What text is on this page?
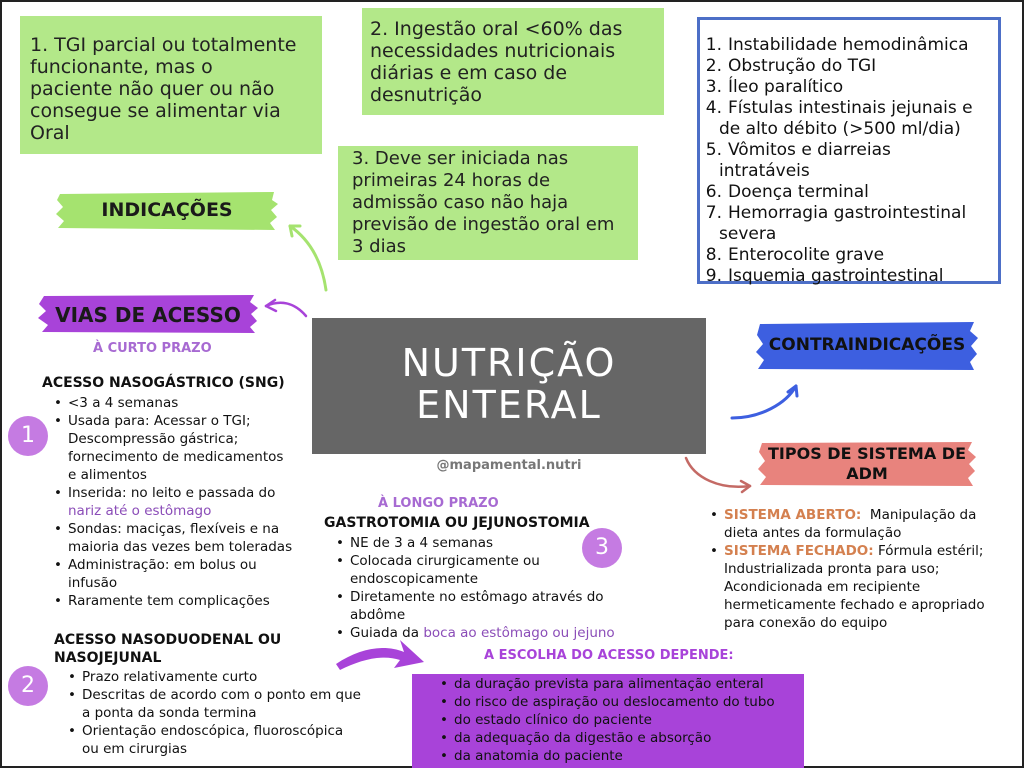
1. TGI parcial ou totalmente
funcionante, mas o
paciente não quer ou não
consegue se alimentar via
Oral
2. Ingestão oral <60% das
necessidades nutricionais
diárias e em caso de
desnutrição
3. Deve ser iniciada nas
primeiras 24 horas de
admissão caso não haja
previsão de ingestão oral em
3 dias
1. Instabilidade hemodinâmica
2. Obstrução do TGI
3. Íleo paralítico
4. Fístulas intestinais jejunais e
de alto débito (>500 ml/dia)
5. Vômitos e diarreias
intratáveis
6. Doença terminal
7. Hemorragia gastrointestinal
severa
8. Enterocolite grave
9. Isquemia gastrointestinal
INDICAÇÕES
VIAS DE ACESSO
CONTRAINDICAÇÕES
TIPOS DE SISTEMA DE
ADM
NUTRIÇÃO
ENTERAL
@mapamental.nutri
À CURTO PRAZO
ACESSO NASOGÁSTRICO (SNG)
• <3 a 4 semanas
• Usada para: Acessar o TGI;
Descompressão gástrica;
fornecimento de medicamentos
e alimentos
• Inserida: no leito e passada do
nariz até o estômago
• Sondas: maciças, flexíveis e na
maioria das vezes bem toleradas
• Administração: em bolus ou
infusão
• Raramente tem complicações
1
2
3
ACESSO NASODUODENAL OU
NASOJEJUNAL
• Prazo relativamente curto
• Descritas de acordo com o ponto em que
a ponta da sonda termina
• Orientação endoscópica, fluoroscópica
ou em cirurgias
À LONGO PRAZO
GASTROTOMIA OU JEJUNOSTOMIA
• NE de 3 a 4 semanas
• Colocada cirurgicamente ou
endoscopicamente
• Diretamente no estômago através do
abdôme
• Guiada da boca ao estômago ou jejuno
A ESCOLHA DO ACESSO DEPENDE:
• da duração prevista para alimentação enteral
• do risco de aspiração ou deslocamento do tubo
• do estado clínico do paciente
• da adequação da digestão e absorção
• da anatomia do paciente
• SISTEMA ABERTO: Manipulação da
dieta antes da formulação
• SISTEMA FECHADO: Fórmula estéril;
Industrializada pronta para uso;
Acondicionada em recipiente
hermeticamente fechado e apropriado
para conexão do equipo
